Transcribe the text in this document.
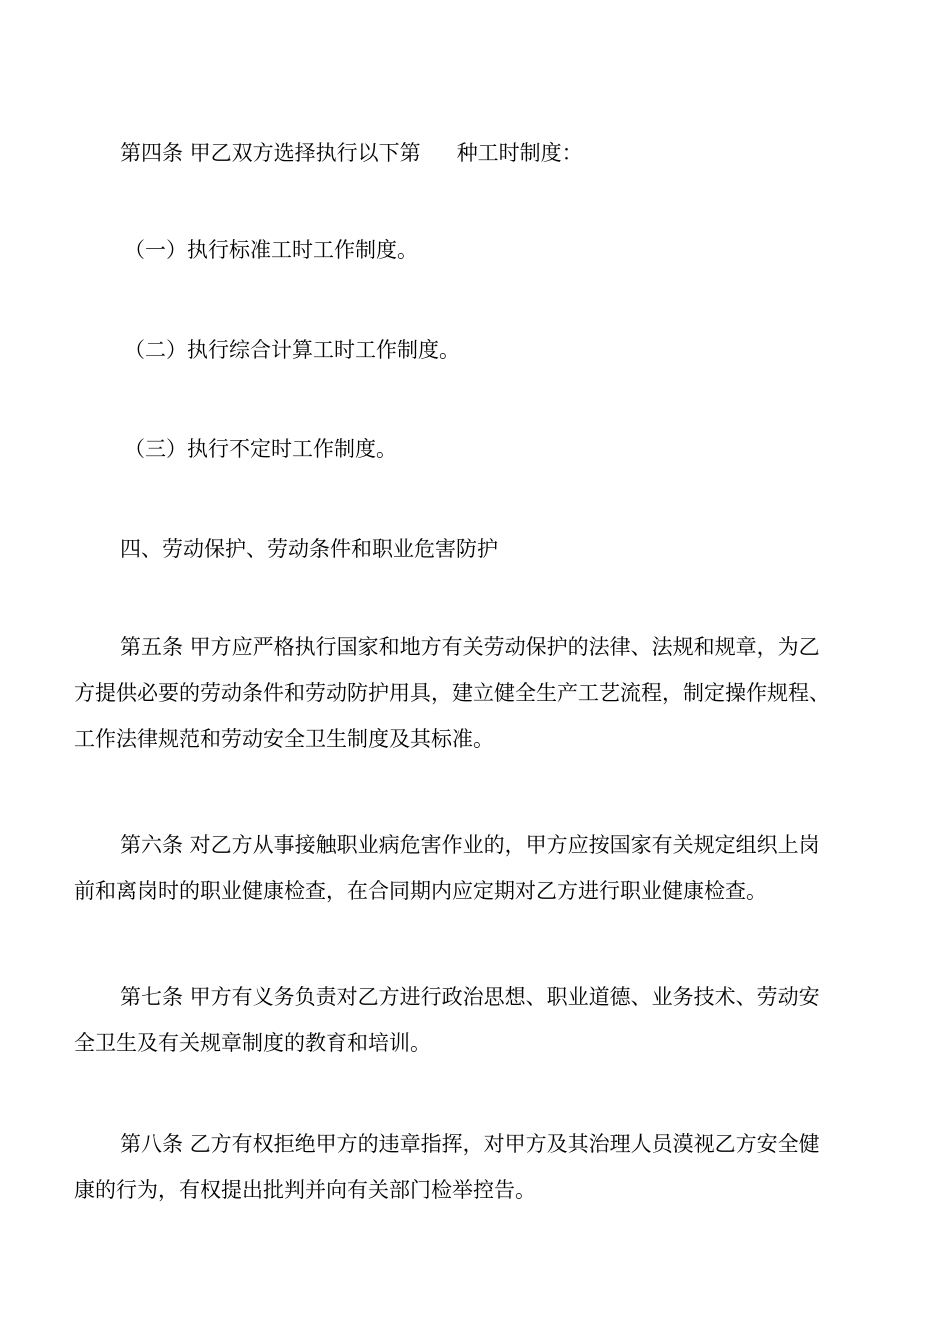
第四条 甲乙双方选择执行以下第 种工时制度：

（一）执行标准工时工作制度。

（二）执行综合计算工时工作制度。

（三）执行不定时工作制度。

四、劳动保护、劳动条件和职业危害防护

第五条 甲方应严格执行国家和地方有关劳动保护的法律、法规和规章，为乙
方提供必要的劳动条件和劳动防护用具，建立健全生产工艺流程，制定操作规程、
工作法律规范和劳动安全卫生制度及其标准。
第六条 对乙方从事接触职业病危害作业的，甲方应按国家有关规定组织上岗
前和离岗时的职业健康检查，在合同期内应定期对乙方进行职业健康检查。
第七条 甲方有义务负责对乙方进行政治思想、职业道德、业务技术、劳动安
全卫生及有关规章制度的教育和培训。
第八条 乙方有权拒绝甲方的违章指挥，对甲方及其治理人员漠视乙方安全健
康的行为，有权提出批判并向有关部门检举控告。
